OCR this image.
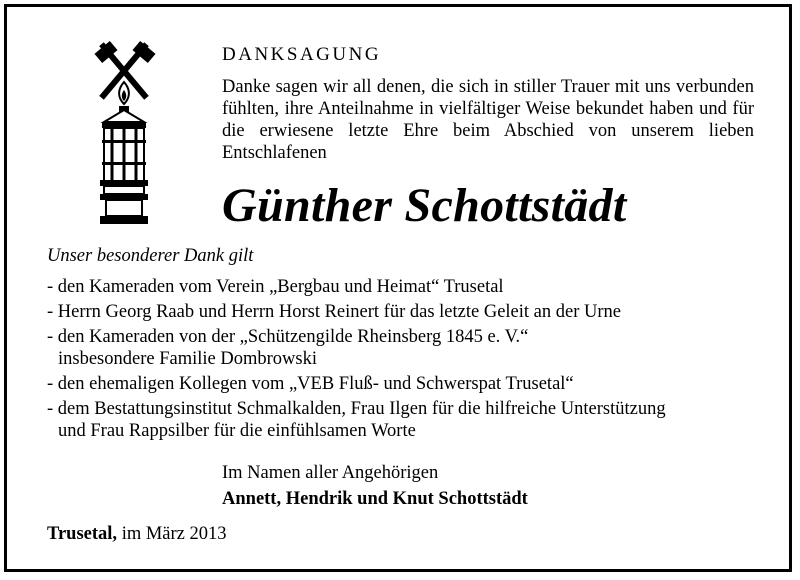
DANKSAGUNG
Danke sagen wir all denen, die sich in stiller Trauer mit uns verbunden fühlten, ihre Anteilnahme in vielfältiger Weise bekundet haben und für die erwiesene letzte Ehre beim Abschied von unserem lieben Entschlafenen
Günther Schottstädt
Unser besonderer Dank gilt
- den Kameraden vom Verein „Bergbau und Heimat“ Trusetal
- Herrn Georg Raab und Herrn Horst Reinert für das letzte Geleit an der Urne
- den Kameraden von der „Schützengilde Rheinsberg 1845 e. V.“
insbesondere Familie Dombrowski
- den ehemaligen Kollegen vom „VEB Fluß- und Schwerspat Trusetal“
- dem Bestattungsinstitut Schmalkalden, Frau Ilgen für die hilfreiche Unterstützung
und Frau Rappsilber für die einfühlsamen Worte
Im Namen aller Angehörigen
Annett, Hendrik und Knut Schottstädt
Trusetal, im März 2013
